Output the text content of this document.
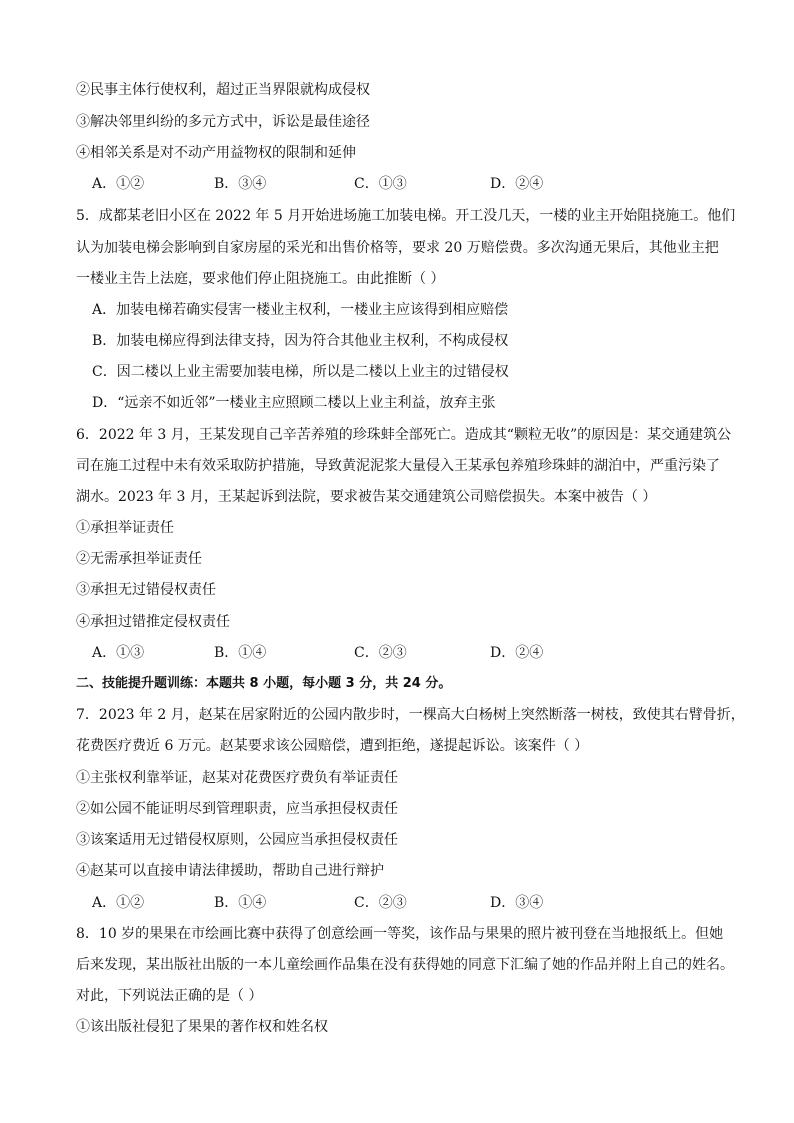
②民事主体行使权利，超过正当界限就构成侵权
③解决邻里纠纷的多元方式中，诉讼是最佳途径
④相邻关系是对不动产用益物权的限制和延伸
A．①②	B．③④	C．①③	D．②④
5．成都某老旧小区在 2022 年 5 月开始进场施工加装电梯。开工没几天，一楼的业主开始阻挠施工。他们
认为加装电梯会影响到自家房屋的采光和出售价格等，要求 20 万赔偿费。多次沟通无果后，其他业主把
一楼业主告上法庭，要求他们停止阻挠施工。由此推断（ ）
A．加装电梯若确实侵害一楼业主权利，一楼业主应该得到相应赔偿
B．加装电梯应得到法律支持，因为符合其他业主权利，不构成侵权
C．因二楼以上业主需要加装电梯，所以是二楼以上业主的过错侵权
D．“远亲不如近邻”一楼业主应照顾二楼以上业主利益，放弃主张
6．2022 年 3 月，王某发现自己辛苦养殖的珍珠蚌全部死亡。造成其“颗粒无收”的原因是：某交通建筑公
司在施工过程中未有效采取防护措施，导致黄泥泥浆大量侵入王某承包养殖珍珠蚌的湖泊中，严重污染了
湖水。2023 年 3 月，王某起诉到法院，要求被告某交通建筑公司赔偿损失。本案中被告（ ）
①承担举证责任
②无需承担举证责任
③承担无过错侵权责任
④承担过错推定侵权责任
A．①③	B．①④	C．②③	D．②④
二、技能提升题训练：本题共 8 小题，每小题 3 分，共 24 分。
7．2023 年 2 月，赵某在居家附近的公园内散步时，一棵高大白杨树上突然断落一树枝，致使其右臂骨折，
花费医疗费近 6 万元。赵某要求该公园赔偿，遭到拒绝，遂提起诉讼。该案件（ ）
①主张权利靠举证，赵某对花费医疗费负有举证责任
②如公园不能证明尽到管理职责，应当承担侵权责任
③该案适用无过错侵权原则，公园应当承担侵权责任
④赵某可以直接申请法律援助，帮助自己进行辩护
A．①②	B．①④	C．②③	D．③④
8．10 岁的果果在市绘画比赛中获得了创意绘画一等奖，该作品与果果的照片被刊登在当地报纸上。但她
后来发现，某出版社出版的一本儿童绘画作品集在没有获得她的同意下汇编了她的作品并附上自己的姓名。
对此，下列说法正确的是（ ）
①该出版社侵犯了果果的著作权和姓名权
